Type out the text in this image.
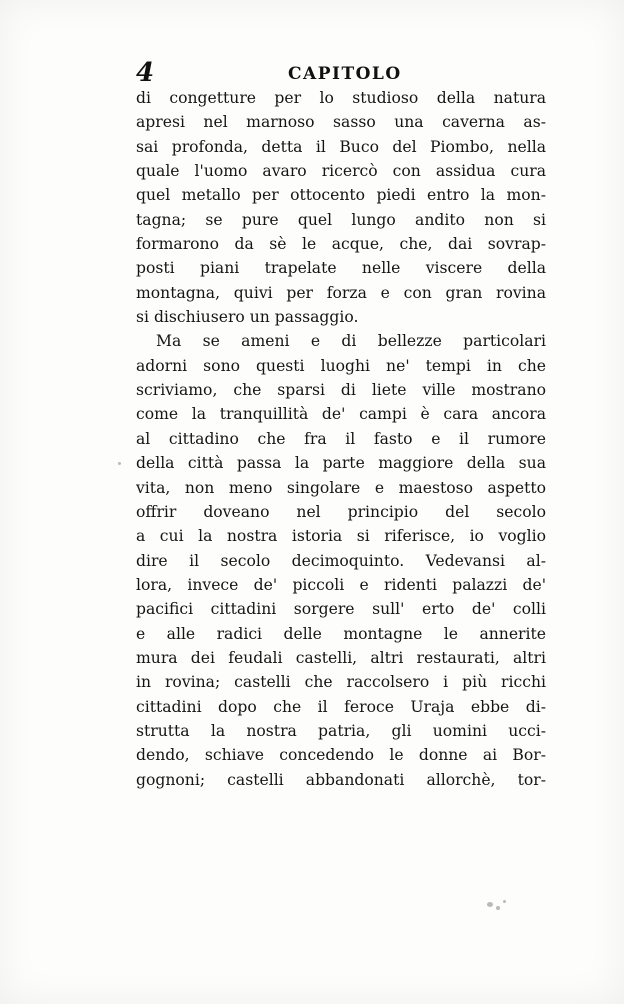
4	CAPITOLO
di congetture per lo studioso della natura
apresi nel marnoso sasso una caverna as-
sai profonda, detta il Buco del Piombo, nella
quale l'uomo avaro ricercò con assidua cura
quel metallo per ottocento piedi entro la mon-
tagna; se pure quel lungo andito non si
formarono da sè le acque, che, dai sovrap-
posti piani trapelate nelle viscere della
montagna, quivi per forza e con gran rovina
si dischiusero un passaggio.
Ma se ameni e di bellezze particolari
adorni sono questi luoghi ne' tempi in che
scriviamo, che sparsi di liete ville mostrano
come la tranquillità de' campi è cara ancora
al cittadino che fra il fasto e il rumore
della città passa la parte maggiore della sua
vita, non meno singolare e maestoso aspetto
offrir doveano nel principio del secolo
a cui la nostra istoria si riferisce, io voglio
dire il secolo decimoquinto. Vedevansi al-
lora, invece de' piccoli e ridenti palazzi de'
pacifici cittadini sorgere sull' erto de' colli
e alle radici delle montagne le annerite
mura dei feudali castelli, altri restaurati, altri
in rovina; castelli che raccolsero i più ricchi
cittadini dopo che il feroce Uraja ebbe di-
strutta la nostra patria, gli uomini ucci-
dendo, schiave concedendo le donne ai Bor-
gognoni; castelli abbandonati allorchè, tor-
